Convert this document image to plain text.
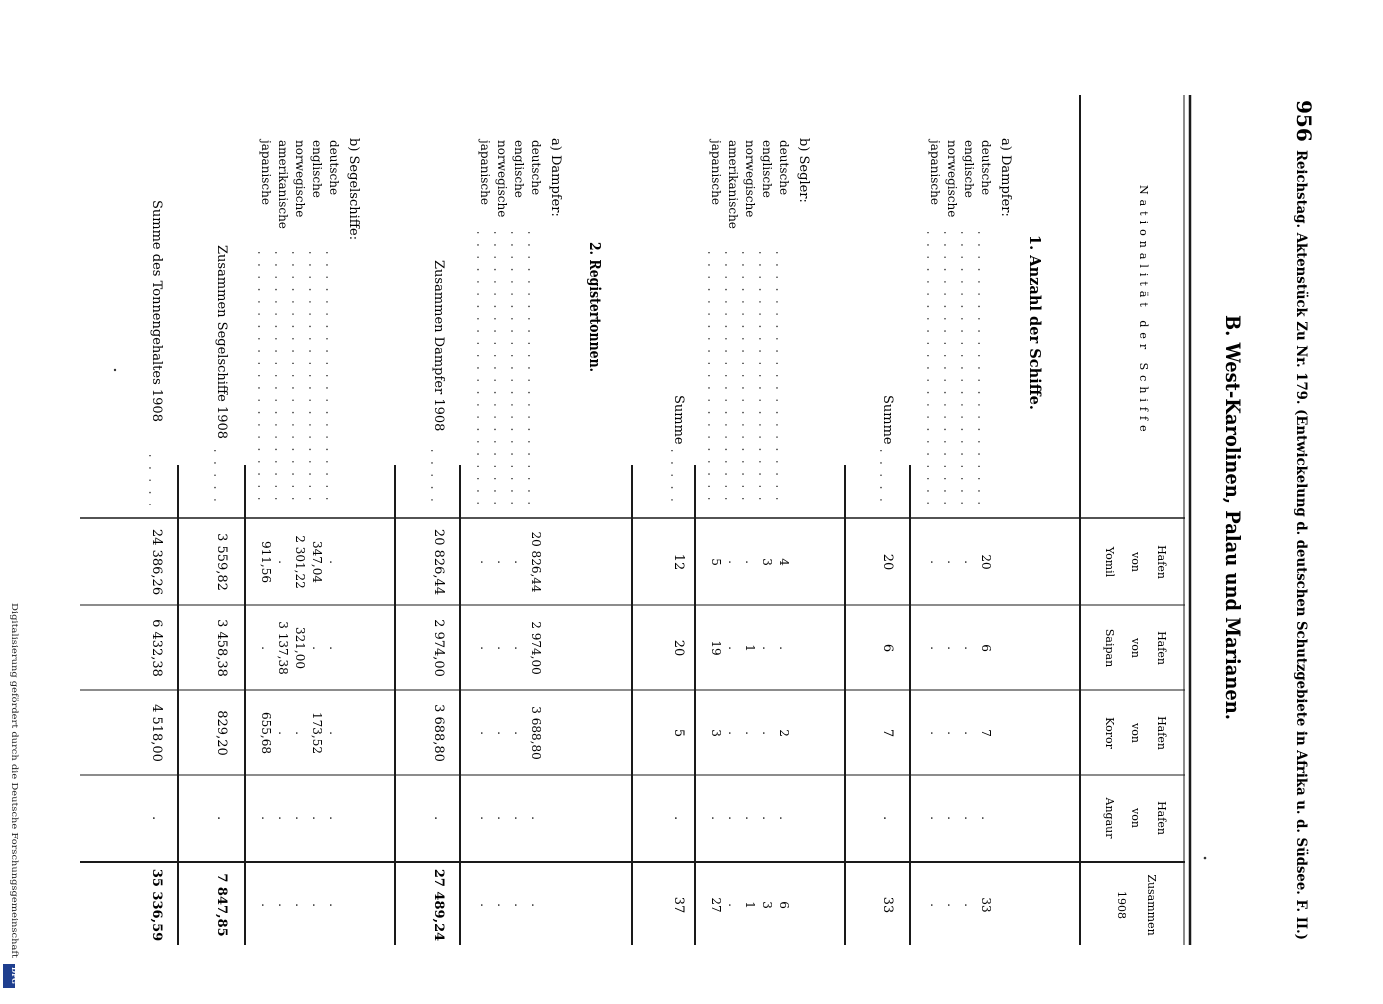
956
Reichstag. Aktenstück Zu Nr. 179. (Entwickelung d. deutschen Schutzgebiete in Afrika u. d. Südsee. F. II.)
B. West-Karolinen, Palau und Marianen.
Nationalität der Schiffe
Hafen
von
Yomil
Hafen
von
Saipan
Hafen
von
Koror
Hafen
von
Angaur
Zusammen
1908
1. Anzahl der Schiffe.
a) Dampfer:
b) Segler:
2. Registertonnen.
a) Dampfer:
b) Segelschiffe:	deutsche
20
6
7
.
33
englische
.
.
.
.
.
norwegische
.
.
.
.
.
japanische
.
.
.
.
.
Summe
20
6
7
.
33
deutsche
4
.
2
.
6
englische
3
.
.
.
3
norwegische
.
1
.
.
1
amerikanische
.
.
.
.
.
japanische
5
19
3
.
27
Summe
12
20
5
.
37
deutsche
20 826,44
2 974,00
3 688,80
.
.
englische
.
.
.
.
.
norwegische
.
.
.
.
.
japanische
.
.
.
.
.
Zusammen Dampfer 1908
20 826,44
2 974,00
3 688,80
.
27 489,24
deutsche
.
.
.
.
.
englische
347,04
.
173,52
.
.
norwegische
2 301,22
321,00
.
.
.
amerikanische
.
3 137,38
.
.
.
japanische
911,56
.
655,68
.
.
Zusammen Segelschiffe 1908
3 559,82
3 458,38
829,20
.
7 847,85
Summe des Tonnengehaltes 1908
24 386,26
6 432,38
4 518,00
.
35 336,59
Digitalisierung gefördert durch die Deutsche Forschungsgemeinschaft
DFG
